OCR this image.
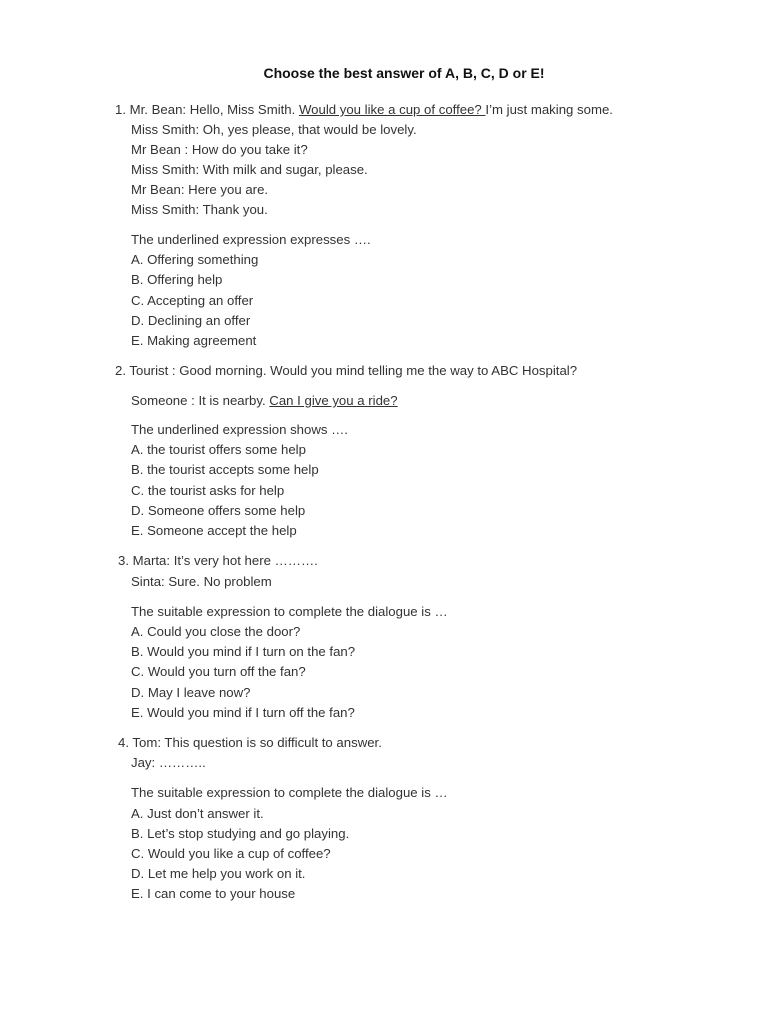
Choose the best answer of A, B, C, D or E!
1. Mr. Bean: Hello, Miss Smith. Would you like a cup of coffee? I’m just making some.
Miss Smith: Oh, yes please, that would be lovely.
Mr Bean : How do you take it?
Miss Smith: With milk and sugar, please.
Mr Bean: Here you are.
Miss Smith: Thank you.
The underlined expression expresses ….
A. Offering something
B. Offering help
C. Accepting an offer
D. Declining an offer
E. Making agreement
2. Tourist : Good morning. Would you mind telling me the way to ABC Hospital?
Someone : It is nearby. Can I give you a ride?
The underlined expression shows ….
A. the tourist offers some help
B. the tourist accepts some help
C. the tourist asks for help
D. Someone offers some help
E. Someone accept the help
3. Marta: It’s very hot here ……….
Sinta: Sure. No problem
The suitable expression to complete the dialogue is …
A. Could you close the door?
B. Would you mind if I turn on the fan?
C. Would you turn off the fan?
D. May I leave now?
E. Would you mind if I turn off the fan?
4. Tom: This question is so difficult to answer.
Jay: ………..
The suitable expression to complete the dialogue is …
A. Just don’t answer it.
B. Let’s stop studying and go playing.
C. Would you like a cup of coffee?
D. Let me help you work on it.
E. I can come to your house
